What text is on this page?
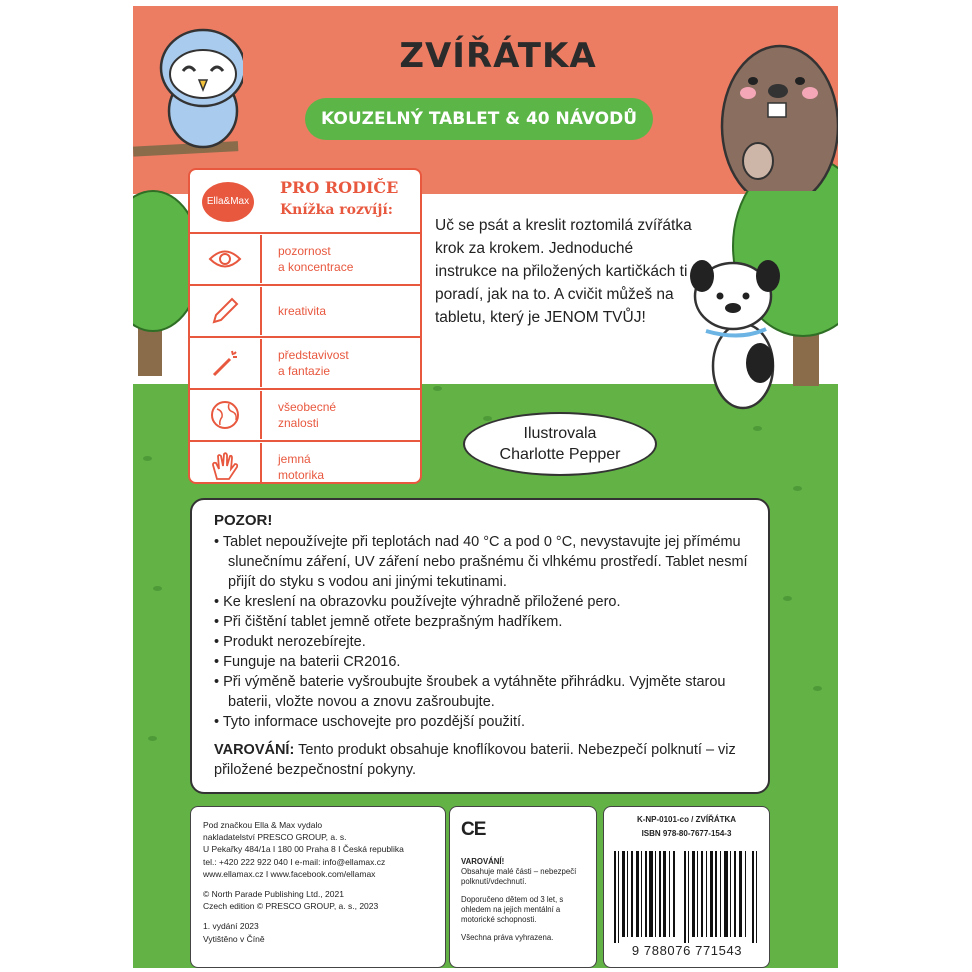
ZVÍŘÁTKA
KOUZELNÝ TABLET & 40 NÁVODŮ
Ella&Max
PRO RODIČE
Knížka rozvíjí:
pozornost
a koncentrace
kreativita
představivost
a fantazie
všeobecné
znalosti
jemná
motorika
Uč se psát a kreslit roztomilá zvířátka krok za krokem. Jednoduché instrukce na přiložených kartičkách ti poradí, jak na to. A cvičit můžeš na tabletu, který je JENOM TVŮJ!
Ilustrovala
Charlotte Pepper
POZOR!
• Tablet nepoužívejte při teplotách nad 40 °C a pod 0 °C, nevystavujte jej přímému slunečnímu záření, UV záření nebo prašnému či vlhkému prostředí. Tablet nesmí přijít do styku s vodou ani jinými tekutinami.
• Ke kreslení na obrazovku používejte výhradně přiložené pero.
• Při čištění tablet jemně otřete bezprašným hadříkem.
• Produkt nerozebírejte.
• Funguje na baterii CR2016.
• Při výměně baterie vyšroubujte šroubek a vytáhněte přihrádku. Vyjměte starou baterii, vložte novou a znovu zašroubujte.
• Tyto informace uschovejte pro pozdější použití.
VAROVÁNÍ: Tento produkt obsahuje knoflíkovou baterii. Nebezpečí polknutí – viz přiložené bezpečnostní pokyny.

Pod značkou Ella & Max vydalo

nakladatelství PRESCO GROUP, a. s.

U Pekařky 484/1a I 180 00 Praha 8 I Česká republika

tel.: +420 222 922 040 I e-mail: info@ellamax.cz

www.ellamax.cz I www.facebook.com/ellamax

© North Parade Publishing Ltd., 2021

Czech edition © PRESCO GROUP, a. s., 2023

1. vydání 2023

Vytištěno v Číně

CE

VAROVÁNÍ!

Obsahuje malé části – nebezpečí polknutí/vdechnutí.

Doporučeno dětem od 3 let, s ohledem na jejich mentální a motorické schopnosti.

Všechna práva vyhrazena.

K-NP-0101-co / ZVÍŘÁTKA
ISBN 978-80-7677-154-3
9 788076 771543
